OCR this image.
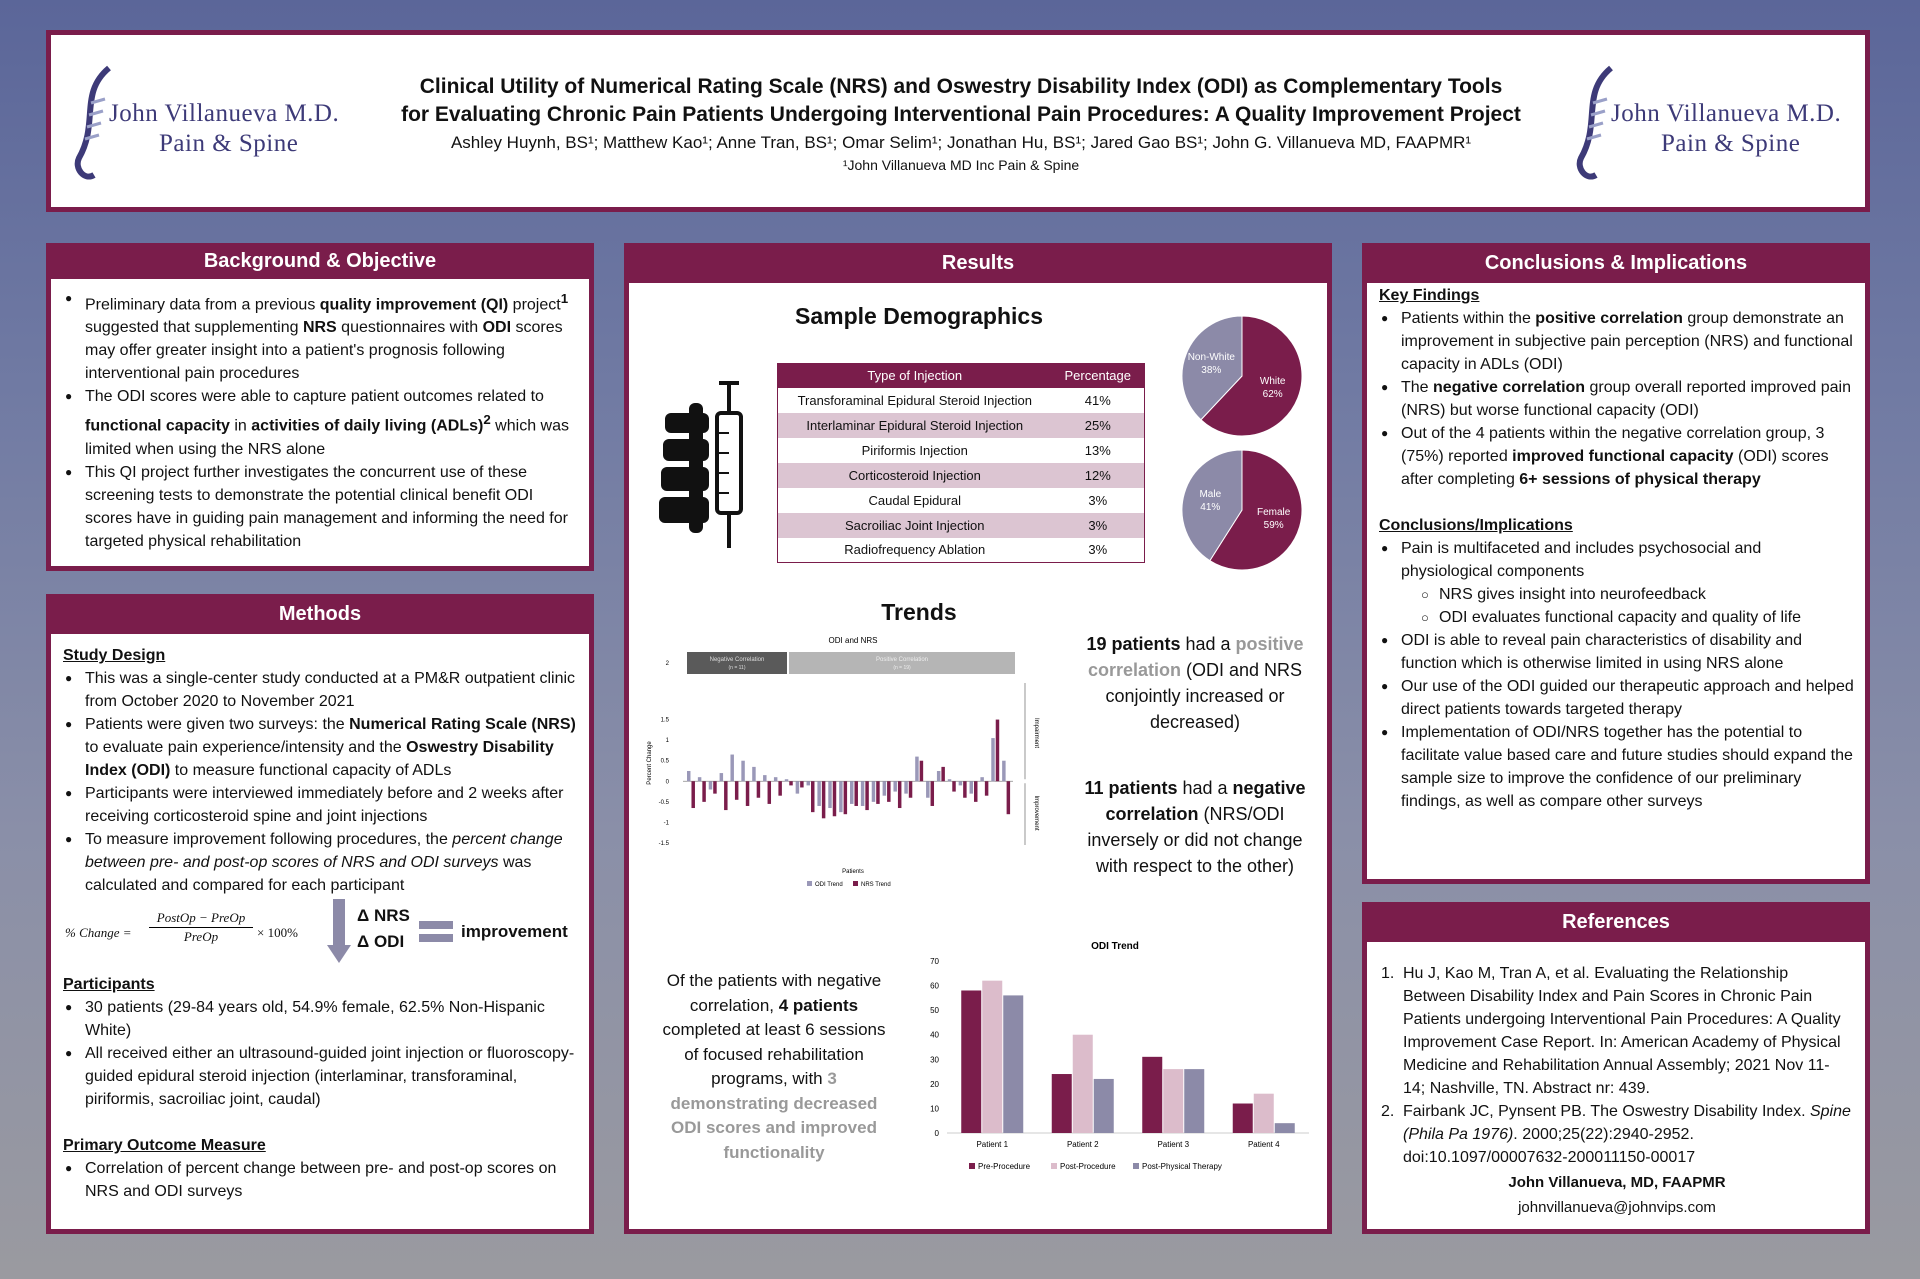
John Villanueva M.D.
Pain & Spine
Clinical Utility of Numerical Rating Scale (NRS) and Oswestry Disability Index (ODI) as Complementary Tools
for Evaluating Chronic Pain Patients Undergoing Interventional Pain Procedures: A Quality Improvement Project
Ashley Huynh, BS¹; Matthew Kao¹; Anne Tran, BS¹; Omar Selim¹; Jonathan Hu, BS¹; Jared Gao BS¹; John G. Villanueva MD, FAAPMR¹
¹John Villanueva MD Inc Pain & Spine
John Villanueva M.D.
Pain & Spine
Background & Objective
● Preliminary data from a previous quality improvement (QI) project$^1$ suggested that supplementing NRS questionnaires with ODI scores may offer greater insight into a patient's prognosis following interventional pain procedures
● The ODI scores were able to capture patient outcomes related to functional capacity in activities of daily living (ADLs)$^2$ which was limited when using the NRS alone
● This QI project further investigates the concurrent use of these screening tests to demonstrate the potential clinical benefit ODI scores have in guiding pain management and informing the need for targeted physical rehabilitation
Methods
Study Design
● This was a single-center study conducted at a PM&R outpatient clinic from October 2020 to November 2021
● Patients were given two surveys: the Numerical Rating Scale (NRS) to evaluate pain experience/intensity and the Oswestry Disability Index (ODI) to measure functional capacity of ADLs
● Participants were interviewed immediately before and 2 weeks after receiving corticosteroid spine and joint injections
● To measure improvement following procedures, the percent change between pre- and post-op scores of NRS and ODI surveys was calculated and compared for each participant
% Change =
PostOp − PreOp
PreOp	× 100%
Δ NRS
Δ ODI
improvement
Participants
● 30 patients (29-84 years old, 54.9% female, 62.5% Non-Hispanic White)
● All received either an ultrasound-guided joint injection or fluoroscopy-guided epidural steroid injection (interlaminar, transforaminal, piriformis, sacroiliac joint, caudal)
Primary Outcome Measure
● Correlation of percent change between pre- and post-op scores on NRS and ODI surveys
Results
Sample Demographics
Type of Injection	Percentage
Transforaminal Epidural Steroid Injection	41%
Interlaminar Epidural Steroid Injection	25%
Piriformis Injection	13%
Corticosteroid Injection	12%
Caudal Epidural	3%
Sacroiliac Joint Injection	3%
Radiofrequency Ablation	3%
White
62%
Non-White
38%
Female
59%
Male
41%
Trends
ODI and NRS
Negative Correlation
(n = 11)
Positive Correlation
(n = 19)
2
1.5
1
0.5
0
-0.5
-1
-1.5
Percent Change
Impairment
Improvement
Patients
ODI Trend	NRS Trend
19 patients had a positive correlation (ODI and NRS conjointly increased or decreased)
11 patients had a negative correlation (NRS/ODI inversely or did not change with respect to the other)
Of the patients with negative correlation, 4 patients completed at least 6 sessions of focused rehabilitation programs, with 3 demonstrating decreased ODI scores and improved functionality
ODI Trend
70
60
50
40
30
20
10
0
Patient 1	Patient 2	Patient 3	Patient 4
Pre-Procedure	Post-Procedure	Post-Physical Therapy
Conclusions & Implications
Key Findings
● Patients within the positive correlation group demonstrate an improvement in subjective pain perception (NRS) and functional capacity in ADLs (ODI)
● The negative correlation group overall reported improved pain (NRS) but worse functional capacity (ODI)
● Out of the 4 patients within the negative correlation group, 3 (75%) reported improved functional capacity (ODI) scores after completing 6+ sessions of physical therapy
Conclusions/Implications
● Pain is multifaceted and includes psychosocial and physiological components
○ NRS gives insight into neurofeedback
○ ODI evaluates functional capacity and quality of life
● ODI is able to reveal pain characteristics of disability and function which is otherwise limited in using NRS alone
● Our use of the ODI guided our therapeutic approach and helped direct patients towards targeted therapy
● Implementation of ODI/NRS together has the potential to facilitate value based care and future studies should expand the sample size to improve the confidence of our preliminary findings, as well as compare other surveys
References
1. Hu J, Kao M, Tran A, et al. Evaluating the Relationship Between Disability Index and Pain Scores in Chronic Pain Patients undergoing Interventional Pain Procedures: A Quality Improvement Case Report. In: American Academy of Physical Medicine and Rehabilitation Annual Assembly; 2021 Nov 11- 14; Nashville, TN. Abstract nr: 439.
2. Fairbank JC, Pynsent PB. The Oswestry Disability Index. Spine (Phila Pa 1976). 2000;25(22):2940-2952. doi:10.1097/00007632-200011150-00017
John Villanueva, MD, FAAPMR
johnvillanueva@johnvips.com
